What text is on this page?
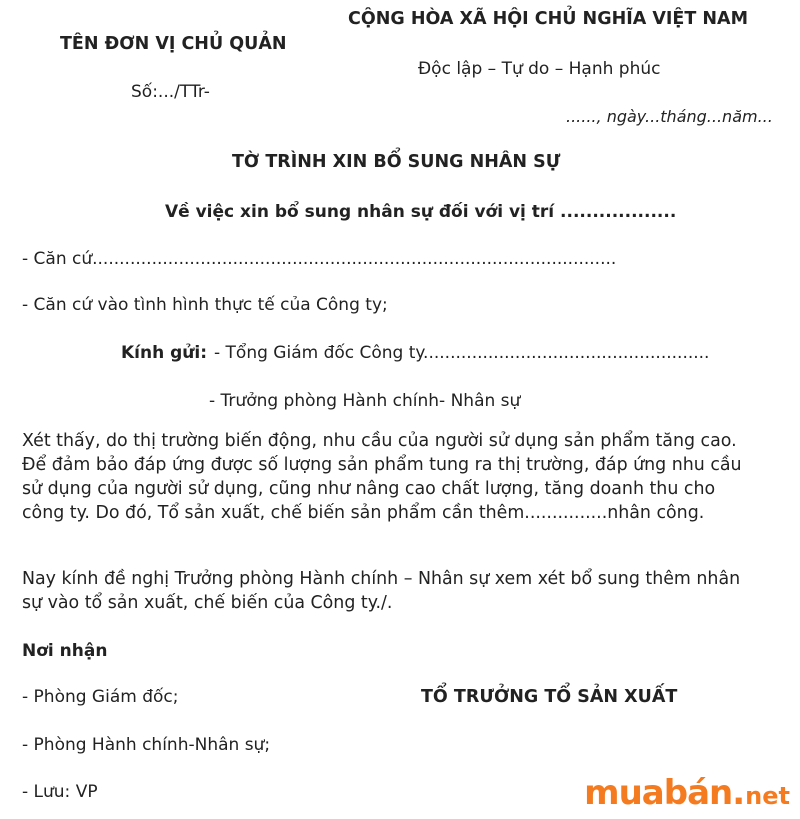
TÊN ĐƠN VỊ CHỦ QUẢN
Số:.../TTr-
CỘNG HÒA XÃ HỘI CHỦ NGHĨA VIỆT NAM
Độc lập – Tự do – Hạnh phúc
......, ngày...tháng...năm...
TỜ TRÌNH XIN BỔ SUNG NHÂN SỰ
Về việc xin bổ sung nhân sự đối với vị trí ..................
- Căn cứ.................................................................................................
- Căn cứ vào tình hình thực tế của Công ty;
Kính gửi: - Tổng Giám đốc Công ty.....................................................
- Trưởng phòng Hành chính- Nhân sự
Xét thấy, do thị trường biến động, nhu cầu của người sử dụng sản phẩm tăng cao.
Để đảm bảo đáp ứng được số lượng sản phẩm tung ra thị trường, đáp ứng nhu cầu
sử dụng của người sử dụng, cũng như nâng cao chất lượng, tăng doanh thu cho
công ty. Do đó, Tổ sản xuất, chế biến sản phẩm cần thêm...............nhân công.
Nay kính đề nghị Trưởng phòng Hành chính – Nhân sự xem xét bổ sung thêm nhân
sự vào tổ sản xuất, chế biến của Công ty./.
Nơi nhận
- Phòng Giám đốc;
- Phòng Hành chính-Nhân sự;
- Lưu: VP
TỔ TRƯỞNG TỔ SẢN XUẤT
muabán.net
